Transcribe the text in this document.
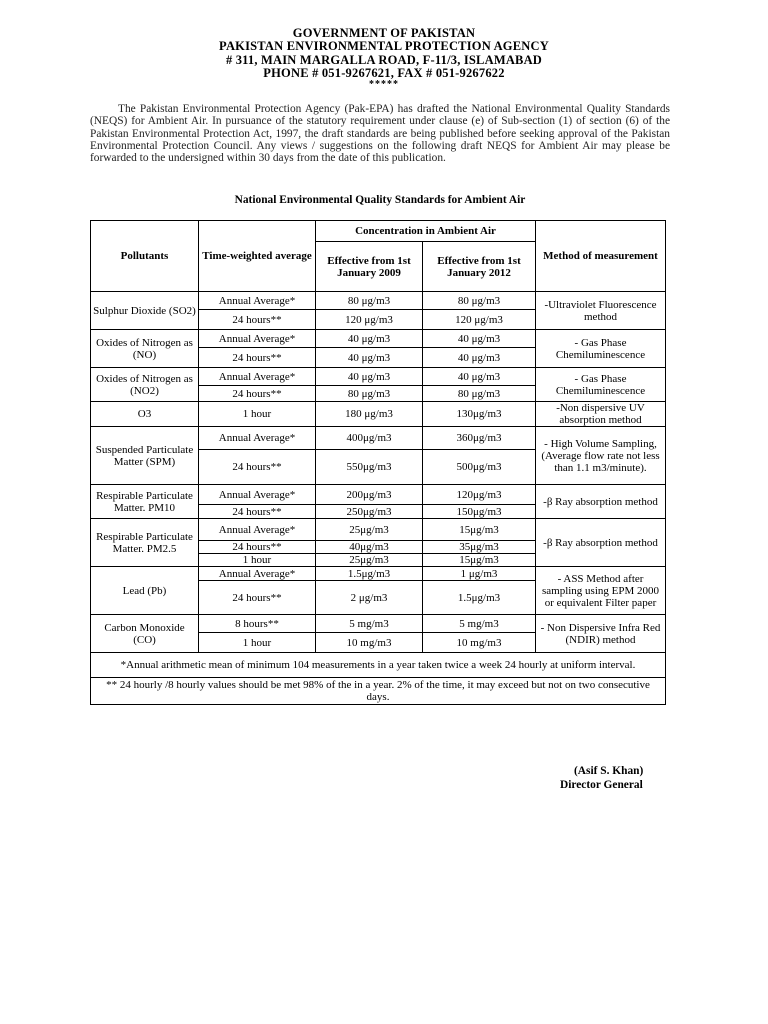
GOVERNMENT OF PAKISTAN
PAKISTAN ENVIRONMENTAL PROTECTION AGENCY
# 311, MAIN MARGALLA ROAD, F-11/3, ISLAMABAD
PHONE # 051-9267621, FAX # 051-9267622
*****

The Pakistan Environmental Protection Agency (Pak-EPA) has drafted the National Environmental Quality Standards (NEQS) for Ambient Air. In pursuance of the statutory requirement under clause (e) of Sub-section (1) of section (6) of the Pakistan Environmental Protection Act, 1997, the draft standards are being published before seeking approval of the Pakistan Environmental Protection Council. Any views / suggestions on the following draft NEQS for Ambient Air may please be forwarded to the undersigned within 30 days from the date of this publication.

National Environmental Quality Standards for Ambient Air
Pollutants	Time-weighted average	Concentration in Ambient Air		Method of measurement
		Effective from 1st January 2009	Effective from 1st January 2012	
Sulphur Dioxide (SO2)	Annual Average*	80 μg/m3	80 μg/m3	-Ultraviolet Fluorescence method
	24 hours**	120 μg/m3	120 μg/m3	
Oxides of Nitrogen as (NO)	Annual Average*	40 μg/m3	40 μg/m3	- Gas Phase Chemiluminescence
	24 hours**	40 μg/m3	40 μg/m3	
Oxides of Nitrogen as (NO2)	Annual Average*	40 μg/m3	40 μg/m3	- Gas Phase Chemiluminescence
	24 hours**	80 μg/m3	80 μg/m3	
O3	1 hour	180 μg/m3	130μg/m3	-Non dispersive UV absorption method
Suspended Particulate Matter (SPM)	Annual Average*	400μg/m3	360μg/m3	- High Volume Sampling, (Average flow rate not less than 1.1 m3/minute).
	24 hours**	550μg/m3	500μg/m3	
Respirable Particulate Matter. PM10	Annual Average*	200μg/m3	120μg/m3	-β Ray absorption method
	24 hours**	250μg/m3	150μg/m3	
Respirable Particulate Matter. PM2.5	Annual Average*	25μg/m3	15μg/m3	-β Ray absorption method
	24 hours**	40μg/m3	35μg/m3	
	1 hour	25μg/m3	15μg/m3	
Lead (Pb)	Annual Average*	1.5μg/m3	1 μg/m3	- ASS Method after sampling using EPM 2000 or equivalent Filter paper
	24 hours**	2 μg/m3	1.5μg/m3	
Carbon Monoxide (CO)	8 hours**	5 mg/m3	5 mg/m3	- Non Dispersive Infra Red (NDIR) method
	1 hour	10 mg/m3	10 mg/m3	
*Annual arithmetic mean of minimum 104 measurements in a year taken twice a week 24 hourly at uniform interval.				
** 24 hourly /8 hourly values should be met 98% of the in a year. 2% of the time, it may exceed but not on two consecutive days.				
(Asif S. Khan)
Director General
